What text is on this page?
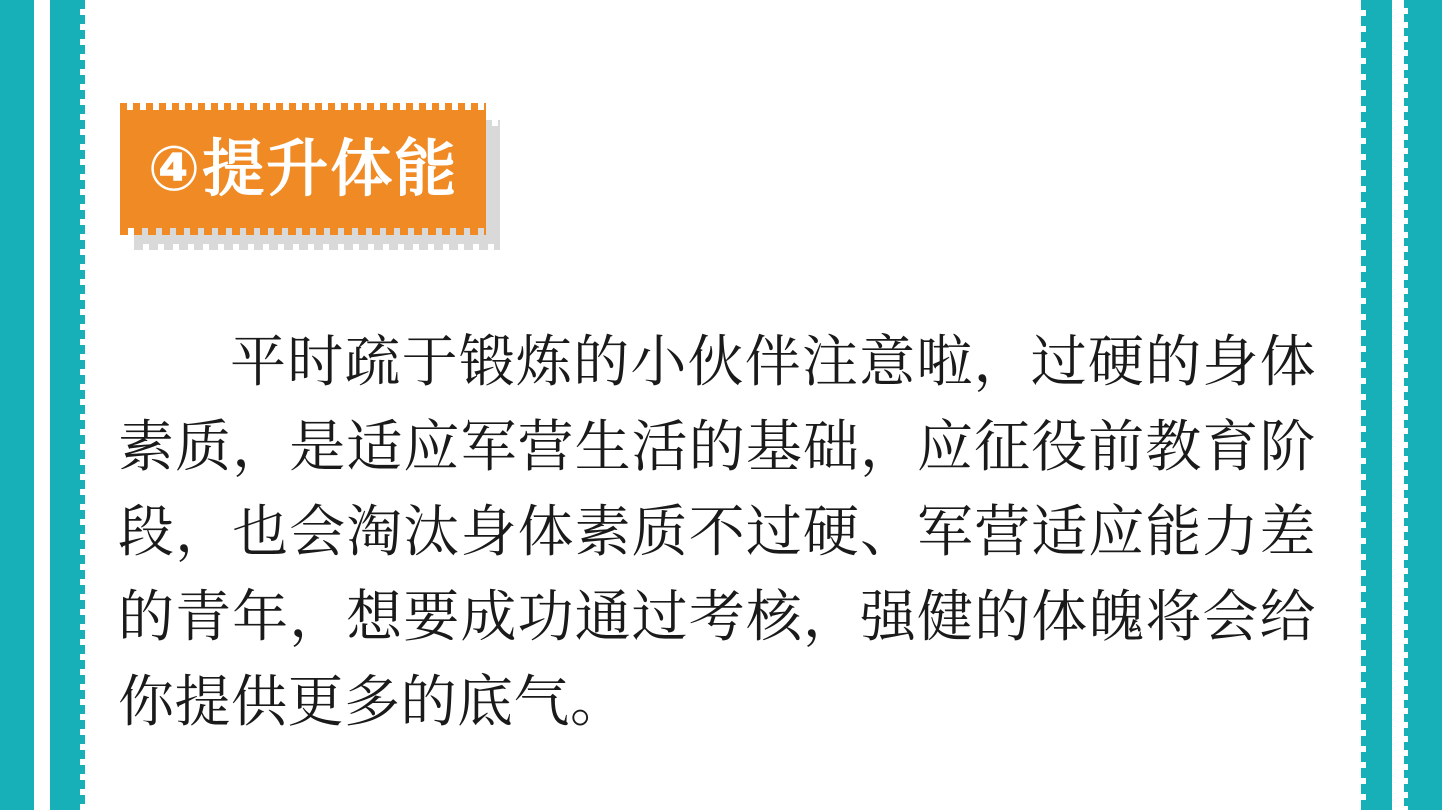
④提升体能
平时疏于锻炼的小伙伴注意啦，过硬的身体素质，是适应军营生活的基础，应征役前教育阶段，也会淘汰身体素质不过硬、军营适应能力差的青年，想要成功通过考核，强健的体魄将会给你提供更多的底气。
